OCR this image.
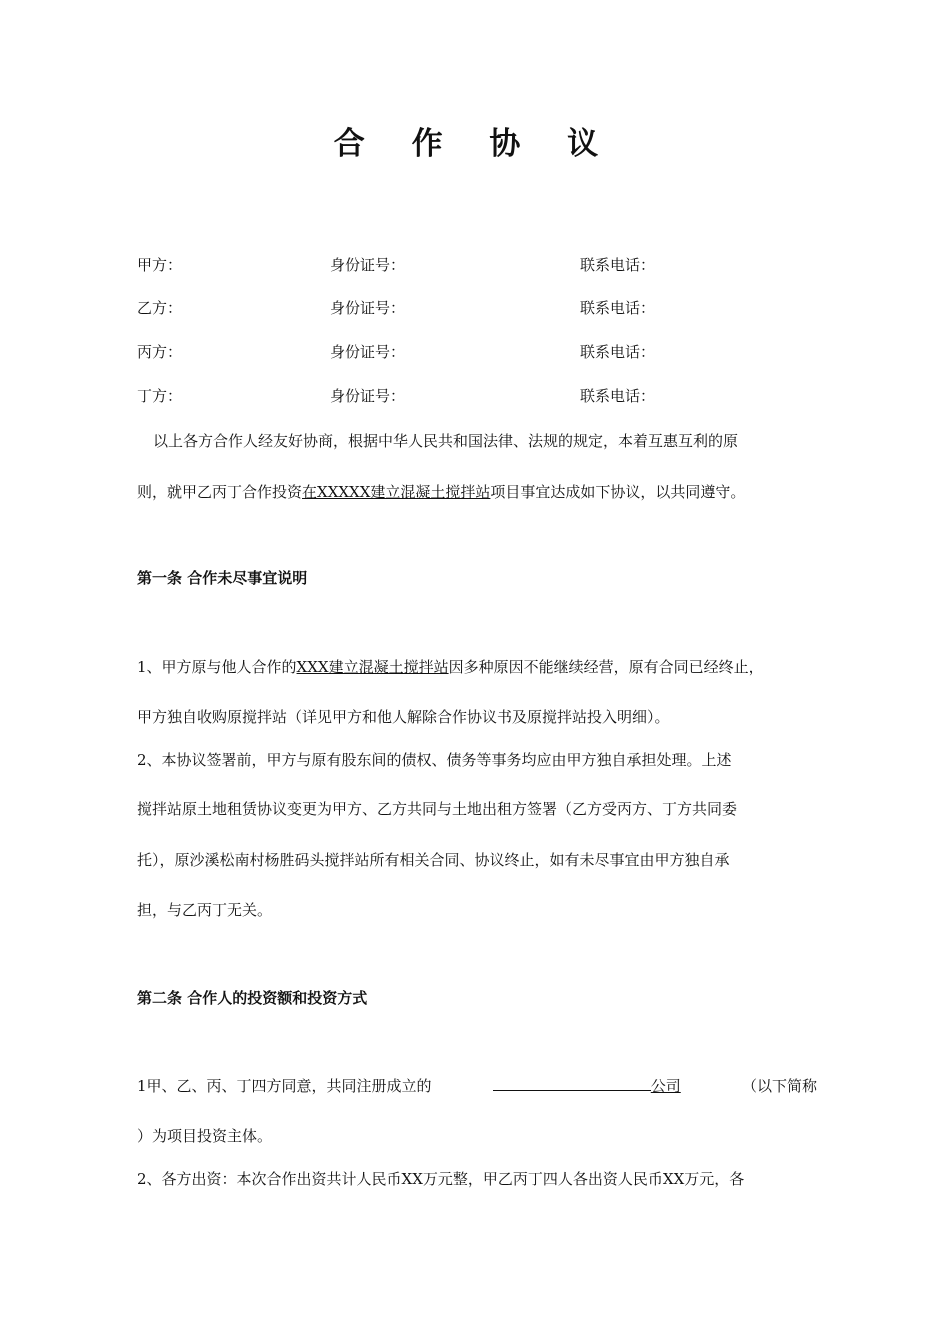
合 作 协 议
甲方：	身份证号：	联系电话：
乙方：	身份证号：	联系电话：
丙方：	身份证号：	联系电话：
丁方：	身份证号：	联系电话：
以上各方合作人经友好协商，根据中华人民共和国法律、法规的规定，本着互惠互利的原
则，就甲乙丙丁合作投资在XXXXX建立混凝土搅拌站项目事宜达成如下协议，以共同遵守。
第一条 合作未尽事宜说明
1、甲方原与他人合作的XXX建立混凝土搅拌站因多种原因不能继续经营，原有合同已经终止，
甲方独自收购原搅拌站（详见甲方和他人解除合作协议书及原搅拌站投入明细）。
2、本协议签署前，甲方与原有股东间的债权、债务等事务均应由甲方独自承担处理。上述
搅拌站原土地租赁协议变更为甲方、乙方共同与土地出租方签署（乙方受丙方、丁方共同委
托），原沙溪松南村杨胜码头搅拌站所有相关合同、协议终止，如有未尽事宜由甲方独自承
担，与乙丙丁无关。
第二条 合作人的投资额和投资方式
1甲、乙、丙、丁四方同意，共同注册成立的	公司	（以下简称
）为项目投资主体。
2、各方出资：本次合作出资共计人民币XX万元整，甲乙丙丁四人各出资人民币XX万元，各
